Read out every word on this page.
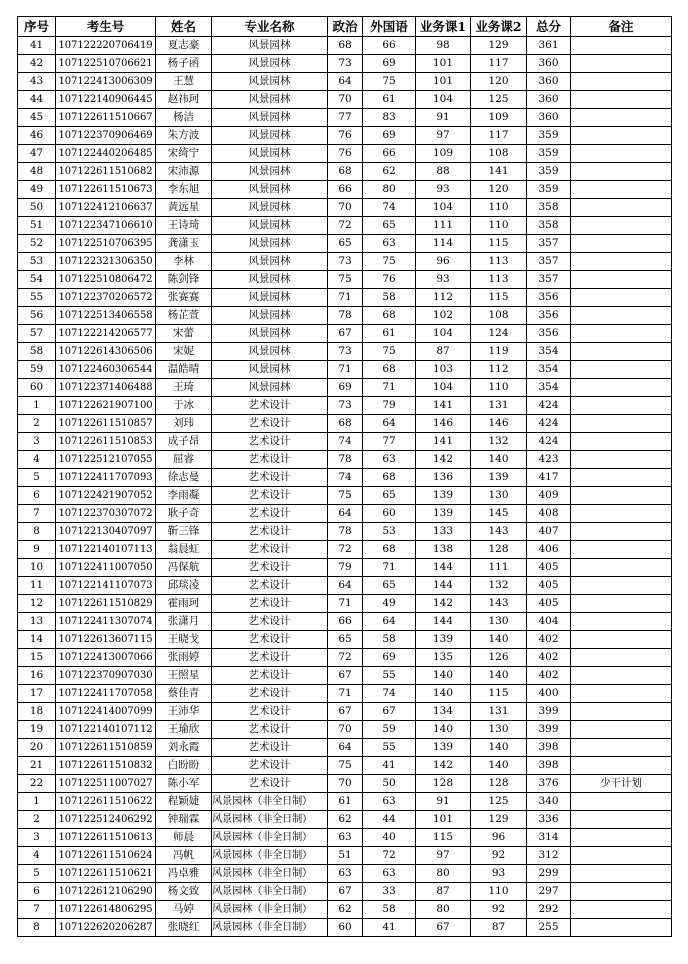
序号	考生号	姓名	专业名称	政治	外国语	业务课1	业务课2	总分	备注
41	107122220706419	夏志豪	风景园林	68	66	98	129	361	
42	107122510706621	杨子函	风景园林	73	69	101	117	360	
43	107122413006309	王慧	风景园林	64	75	101	120	360	
44	107122140906445	赵祎珂	风景园林	70	61	104	125	360	
45	107122611510667	杨洁	风景园林	77	83	91	109	360	
46	107122370906469	朱方波	风景园林	76	69	97	117	359	
47	107122440206485	宋绮宁	风景园林	76	66	109	108	359	
48	107122611510682	宋沛源	风景园林	68	62	88	141	359	
49	107122611510673	李东旭	风景园林	66	80	93	120	359	
50	107122412106637	黄远星	风景园林	70	74	104	110	358	
51	107122347106610	王诗琦	风景园林	72	65	111	110	358	
52	107122510706395	龚潇玉	风景园林	65	63	114	115	357	
53	107122321306350	李林	风景园林	73	75	96	113	357	
54	107122510806472	陈剑锋	风景园林	75	76	93	113	357	
55	107122370206572	张赛赛	风景园林	71	58	112	115	356	
56	107122513406558	杨芷萱	风景园林	78	68	102	108	356	
57	107122214206577	宋蕾	风景园林	67	61	104	124	356	
58	107122614306506	宋妮	风景园林	73	75	87	119	354	
59	107122460306544	温皓晴	风景园林	71	68	103	112	354	
60	107122371406488	王琦	风景园林	69	71	104	110	354	
1	107122621907100	于冰	艺术设计	73	79	141	131	424	
2	107122611510857	刘玮	艺术设计	68	64	146	146	424	
3	107122611510853	成子昂	艺术设计	74	77	141	132	424	
4	107122512107055	屈睿	艺术设计	78	63	142	140	423	
5	107122411707093	徐志曼	艺术设计	74	68	136	139	417	
6	107122421907052	李雨凝	艺术设计	75	65	139	130	409	
7	107122370307072	耿子奇	艺术设计	64	60	139	145	408	
8	107122130407097	靳三锋	艺术设计	78	53	133	143	407	
9	107122140107113	翁晨虹	艺术设计	72	68	138	128	406	
10	107122411007050	冯保航	艺术设计	79	71	144	111	405	
11	107122141107073	邱琰凌	艺术设计	64	65	144	132	405	
12	107122611510829	霍雨珂	艺术设计	71	49	142	143	405	
13	107122411307074	张潇月	艺术设计	66	64	144	130	404	
14	107122613607115	王晓戈	艺术设计	65	58	139	140	402	
15	107122413007066	张雨婷	艺术设计	72	69	135	126	402	
16	107122370907030	王照星	艺术设计	67	55	140	140	402	
17	107122411707058	蔡佳青	艺术设计	71	74	140	115	400	
18	107122414007099	王沛华	艺术设计	67	67	134	131	399	
19	107122140107112	王瑜欣	艺术设计	70	59	140	130	399	
20	107122611510859	刘永霞	艺术设计	64	55	139	140	398	
21	107122611510832	白盼盼	艺术设计	75	41	142	140	398	
22	107122511007027	陈小军	艺术设计	70	50	128	128	376	少干计划
1	107122611510622	程颖婕	风景园林（非全日制）	61	63	91	125	340	
2	107122512406292	钟瑞霖	风景园林（非全日制）	62	44	101	129	336	
3	107122611510613	师晨	风景园林（非全日制）	63	40	115	96	314	
4	107122611510624	冯帆	风景园林（非全日制）	51	72	97	92	312	
5	107122611510621	冯卓雅	风景园林（非全日制）	63	63	80	93	299	
6	107122612106290	杨文致	风景园林（非全日制）	67	33	87	110	297	
7	107122614806295	马婷	风景园林（非全日制）	62	58	80	92	292	
8	107122620206287	张晓红	风景园林（非全日制）	60	41	67	87	255	
